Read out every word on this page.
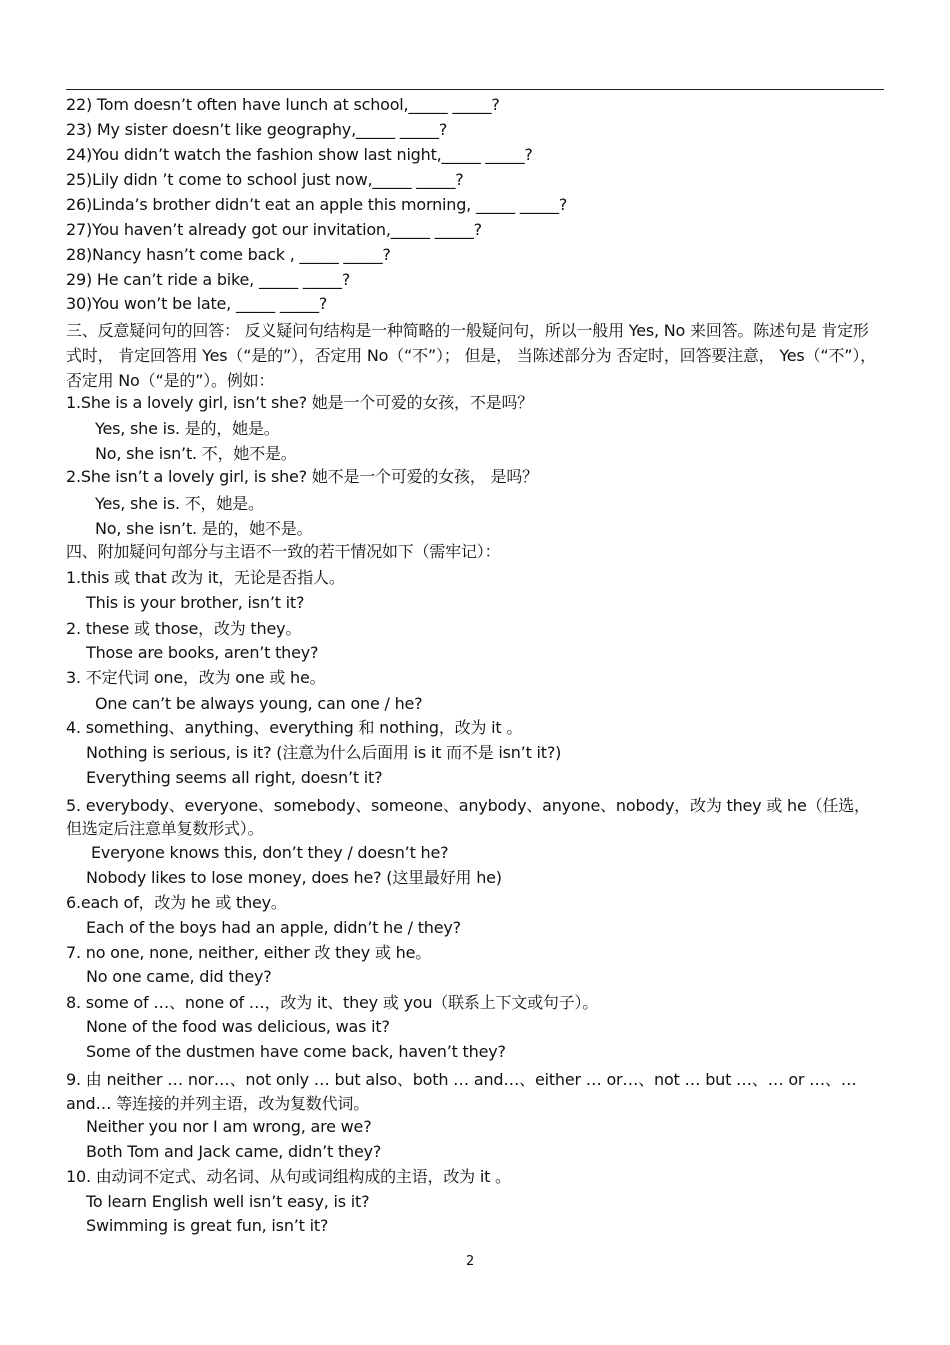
22) Tom doesn’t often have lunch at school,_____ _____?
23) My sister doesn’t like geography,_____ _____?
24)You didn’t watch the fashion show last night,_____ _____?
25)Lily didn ’t come to school just now,_____ _____?
26)Linda’s brother didn’t eat an apple this morning, _____ _____?
27)You haven’t already got our invitation,_____ _____?
28)Nancy hasn’t come back , _____ _____?
29) He can’t ride a bike, _____ _____?
30)You won’t be late, _____ _____?
三、反意疑问句的回答： 反义疑问句结构是一种简略的一般疑问句，所以一般用 Yes, No 来回答。陈述句是 肯定形式时， 肯定回答用 Yes（“是的”），否定用 No（“不”）； 但是， 当陈述部分为 否定时，回答要注意， Yes（“不”），否定用 No（“是的”）。例如：
1.She is a lovely girl, isn’t she? 她是一个可爱的女孩，不是吗？
Yes, she is. 是的，她是。
No, she isn’t. 不，她不是。
2.She isn’t a lovely girl, is she? 她不是一个可爱的女孩， 是吗？
Yes, she is. 不，她是。
No, she isn’t. 是的，她不是。
四、附加疑问句部分与主语不一致的若干情况如下（需牢记）：
1.this 或 that 改为 it，无论是否指人。
This is your brother, isn’t it?
2. these 或 those，改为 they。
Those are books, aren’t they?
3. 不定代词 one，改为 one 或 he。
One can’t be always young, can one / he?
4. something、anything、everything 和 nothing，改为 it 。
Nothing is serious, is it? (注意为什么后面用 is it 而不是 isn’t it?)
Everything seems all right, doesn’t it?
5. everybody、everyone、somebody、someone、anybody、anyone、nobody，改为 they 或 he（任选，但选定后注意单复数形式）。
Everyone knows this, don’t they / doesn’t he?
Nobody likes to lose money, does he? (这里最好用 he)
6.each of，改为 he 或 they。
Each of the boys had an apple, didn’t he / they?
7. no one, none, neither, either 改 they 或 he。
No one came, did they?
8. some of …、none of …，改为 it、they 或 you（联系上下文或句子）。
None of the food was delicious, was it?
Some of the dustmen have come back, haven’t they?
9. 由 neither … nor…、not only … but also、both … and…、either … or…、not … but …、… or …、… and… 等连接的并列主语，改为复数代词。
Neither you nor I am wrong, are we?
Both Tom and Jack came, didn’t they?
10. 由动词不定式、动名词、从句或词组构成的主语，改为 it 。
To learn English well isn’t easy, is it?
Swimming is great fun, isn’t it?
2
